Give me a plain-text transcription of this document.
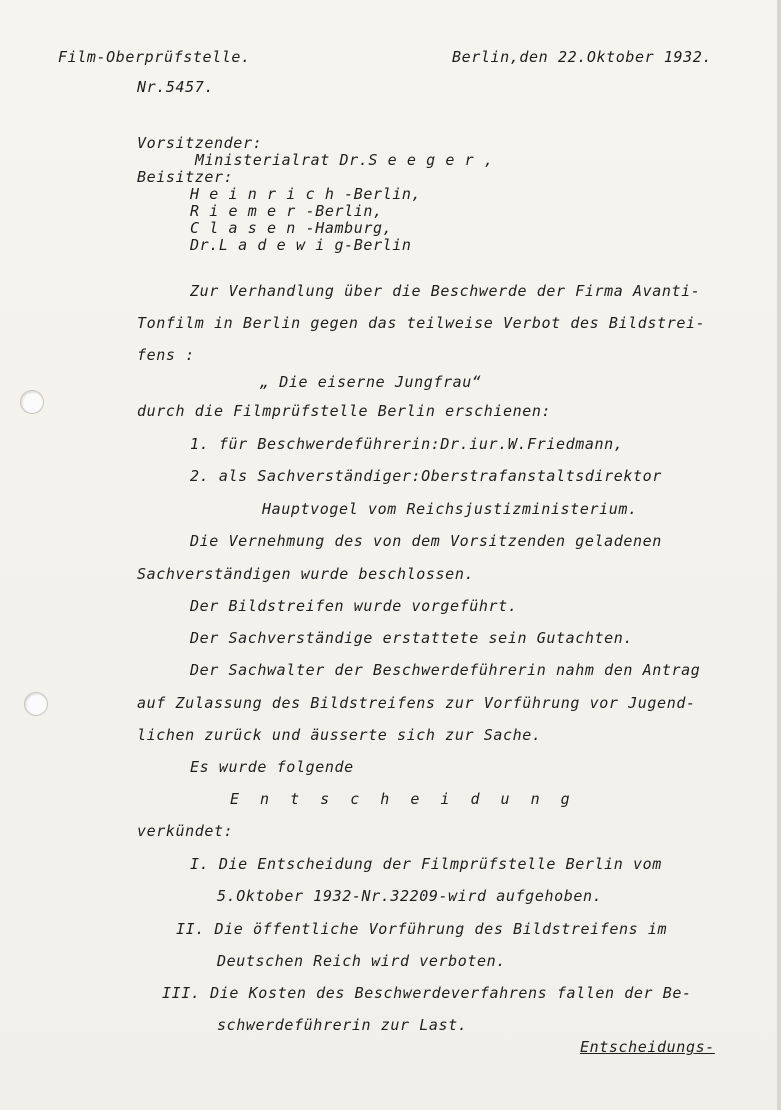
Film-Oberprüfstelle.	Berlin,den 22.Oktober 1932.
Nr.5457.
Vorsitzender:
Ministerialrat Dr.S e e g e r ,
Beisitzer:
H e i n r i c h -Berlin,
R i e m e r -Berlin,
C l a s e n -Hamburg,
Dr.L a d e w i g-Berlin
Zur Verhandlung über die Beschwerde der Firma Avanti-
Tonfilm in Berlin gegen das teilweise Verbot des Bildstrei-
fens :
„ Die eiserne Jungfrau“
durch die Filmprüfstelle Berlin erschienen:
1. für Beschwerdeführerin:Dr.iur.W.Friedmann,
2. als Sachverständiger:Oberstrafanstaltsdirektor
Hauptvogel vom Reichsjustizministerium.
Die Vernehmung des von dem Vorsitzenden geladenen
Sachverständigen wurde beschlossen.
Der Bildstreifen wurde vorgeführt.
Der Sachverständige erstattete sein Gutachten.
Der Sachwalter der Beschwerdeführerin nahm den Antrag
auf Zulassung des Bildstreifens zur Vorführung vor Jugend-
lichen zurück und äusserte sich zur Sache.
Es wurde folgende
E n t s c h e i d u n g
verkündet:
I. Die Entscheidung der Filmprüfstelle Berlin vom
5.Oktober 1932-Nr.32209-wird aufgehoben.
II. Die öffentliche Vorführung des Bildstreifens im
Deutschen Reich wird verboten.
III. Die Kosten des Beschwerdeverfahrens fallen der Be-
schwerdeführerin zur Last.
Entscheidungs-
